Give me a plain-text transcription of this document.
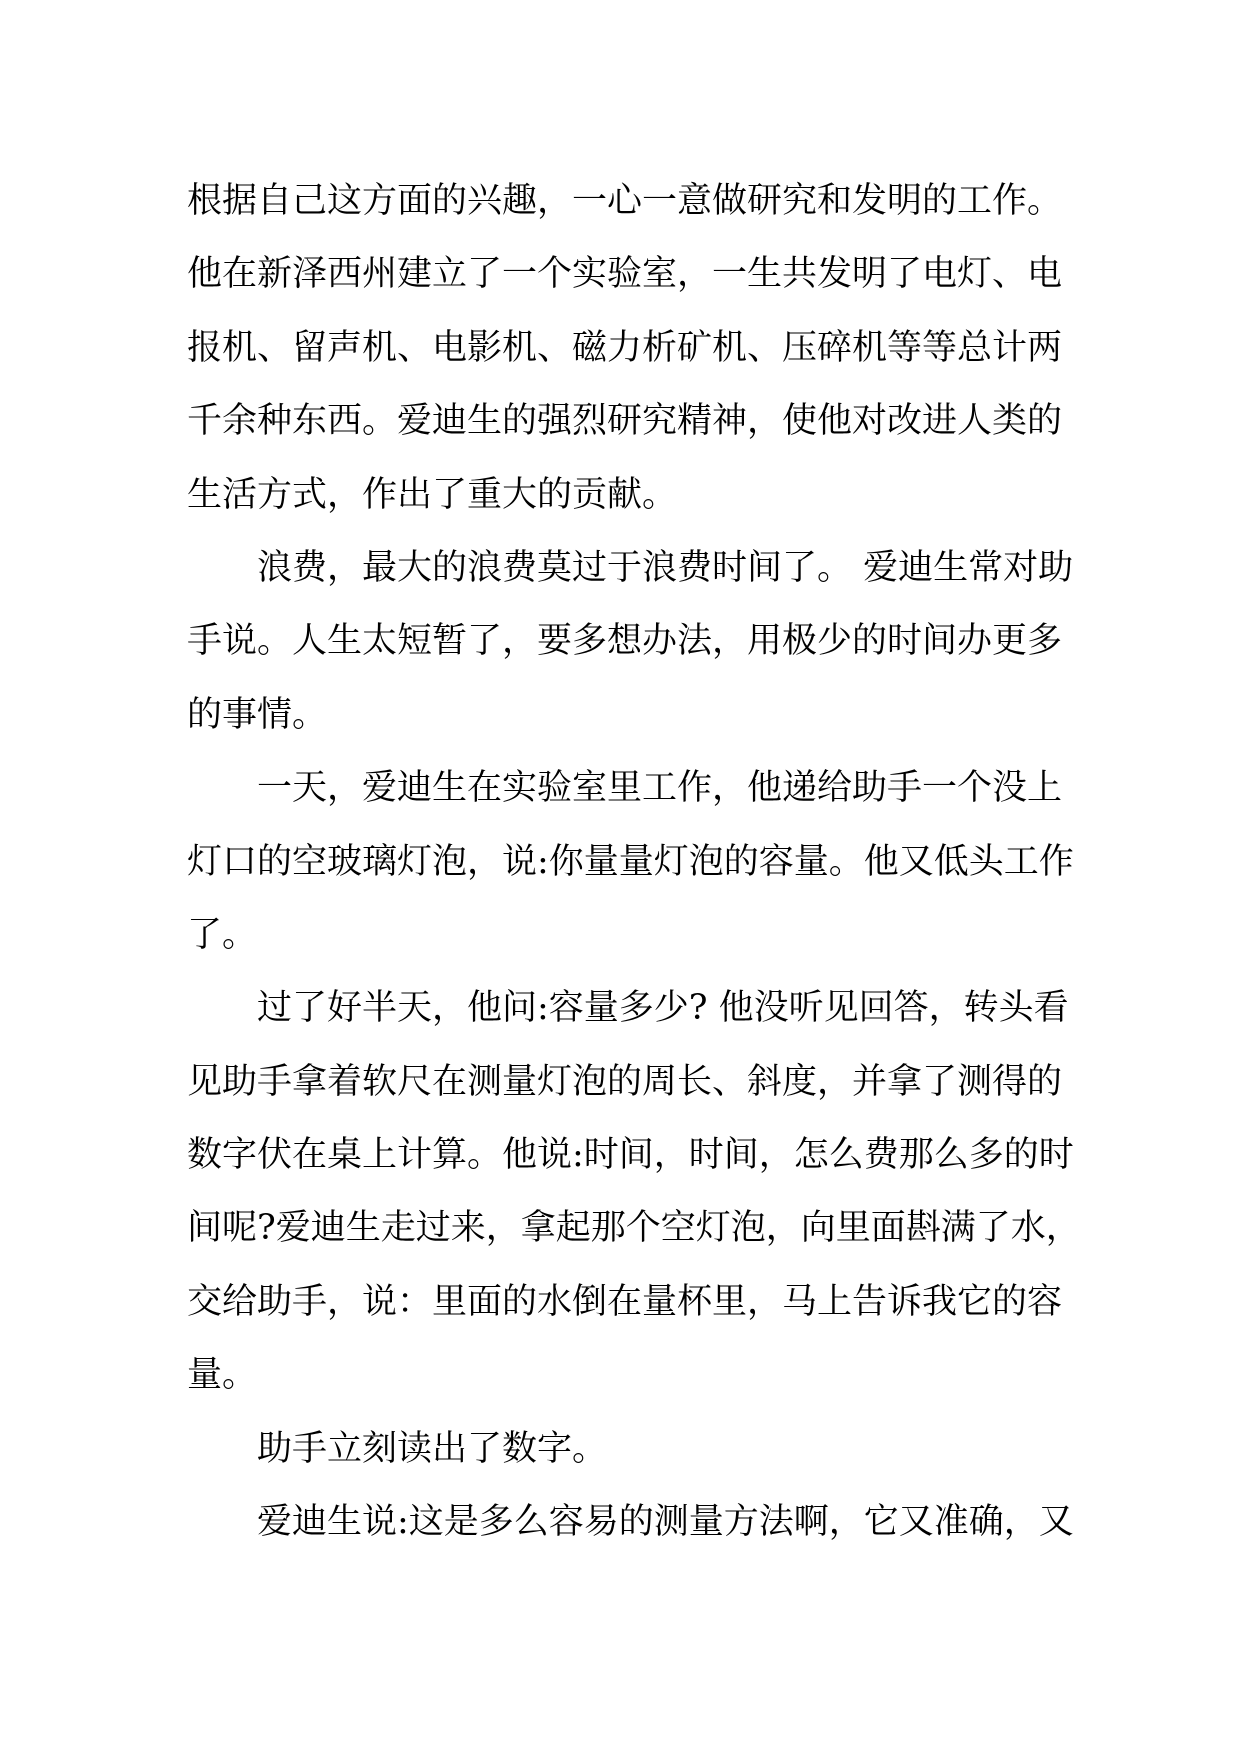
根据自己这方面的兴趣，一心一意做研究和发明的工作。
他在新泽西州建立了一个实验室，一生共发明了电灯、电
报机、留声机、电影机、磁力析矿机、压碎机等等总计两
千余种东西。爱迪生的强烈研究精神，使他对改进人类的
生活方式，作出了重大的贡献。
浪费，最大的浪费莫过于浪费时间了。 爱迪生常对助
手说。人生太短暂了，要多想办法，用极少的时间办更多
的事情。
一天，爱迪生在实验室里工作，他递给助手一个没上
灯口的空玻璃灯泡，说:你量量灯泡的容量。他又低头工作
了。
过了好半天，他问:容量多少? 他没听见回答，转头看
见助手拿着软尺在测量灯泡的周长、斜度，并拿了测得的
数字伏在桌上计算。他说:时间，时间，怎么费那么多的时
间呢?爱迪生走过来，拿起那个空灯泡，向里面斟满了水，
交给助手，说：里面的水倒在量杯里，马上告诉我它的容
量。
助手立刻读出了数字。
爱迪生说:这是多么容易的测量方法啊，它又准确，又
